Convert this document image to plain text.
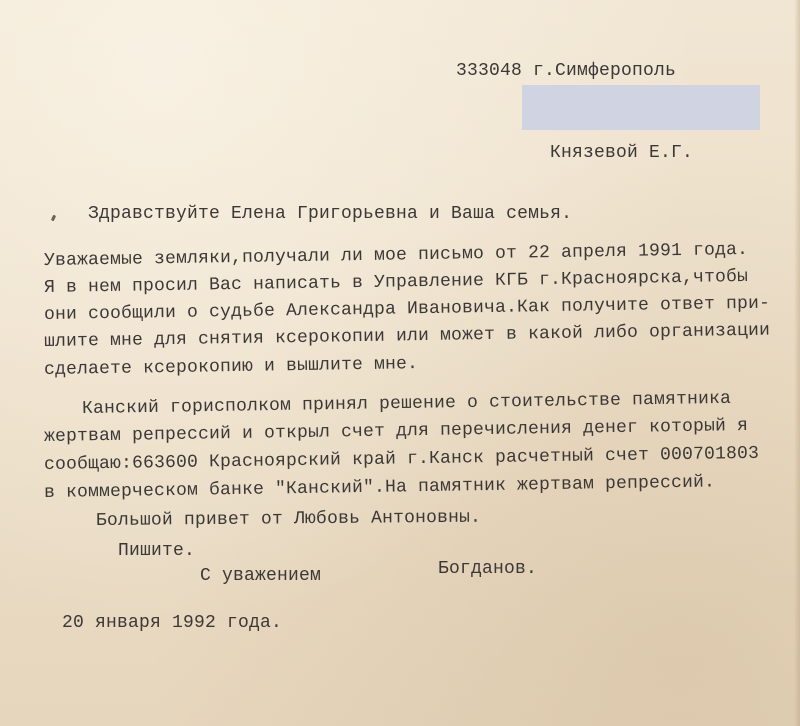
333048 г.Симферополь
Князевой Е.Г.
Здравствуйте Елена Григорьевна и Ваша семья.
Уважаемые земляки,получали ли мое письмо от 22 апреля 1991 года.
Я в нем просил Вас написать в Управление КГБ г.Красноярска,чтобы
они сообщили о судьбе Александра Ивановича.Как получите ответ при-
шлите мне для снятия ксерокопии или может в какой либо организации
сделаете ксерокопию и вышлите мне.
Канский горисполком принял решение о стоительстве памятника
жертвам репрессий и открыл счет для перечисления денег который я
сообщаю:663600 Красноярский край г.Канск расчетный счет 000701803
в коммерческом банке "Канский".На памятник жертвам репрессий.
Большой привет от Любовь Антоновны.
Пишите.
С уважением	Богданов.
20 января 1992 года.
